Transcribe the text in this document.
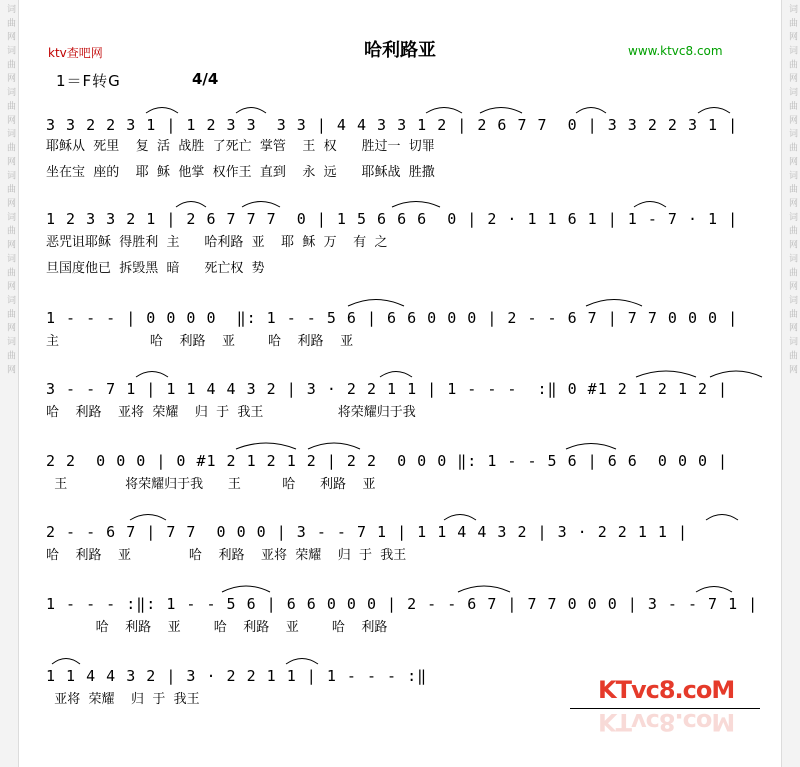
词 曲 网 词 曲 网 词 曲 网 词 曲 网 词 曲 网 词 曲 网 词 曲 网 词 曲 网 词 曲 网	词 曲 网 词 曲 网 词 曲 网 词 曲 网 词 曲 网 词 曲 网 词 曲 网 词 曲 网 词 曲 网
ktv查吧网	哈利路亚	www.ktvc8.com
1＝F转G	4/4
3 3 2 2 3 1 | 1 2 3 3  3 3 | 4 4 3 3 1 2 | 2 6 7 7  0 | 3 3 2 2 3 1 |
耶稣从  死里    复  活  战胜  了死亡  掌管    王  权      胜过一  切罪
坐在宝  座的    耶  稣  他掌  权作王  直到    永  远      耶稣战  胜撒
1 2 3 3 2 1 | 2 6 7 7 7  0 | 1 5 6 6 6  0 | 2 · 1 1 6 1 | 1 - 7 · 1 |
恶咒诅耶稣  得胜利  主      哈利路  亚    耶  稣  万    有  之
旦国度他已  拆毁黑  暗      死亡权  势
1 - - - | 0 0 0 0  ‖: 1 - - 5 6 | 6 6 0 0 0 | 2 - - 6 7 | 7 7 0 0 0 |
主                      哈    利路    亚        哈    利路    亚
3 - - 7 1 | 1 1 4 4 3 2 | 3 · 2 2 1 1 | 1 - - -  :‖ 0 #1 2 1 2 1 2 |
哈    利路    亚将  荣耀    归  于  我王                  将荣耀归于我
2 2  0 0 0 | 0 #1 2 1 2 1 2 | 2 2  0 0 0 ‖: 1 - - 5 6 | 6 6  0 0 0 |
王              将荣耀归于我      王          哈      利路    亚
2 - - 6 7 | 7 7  0 0 0 | 3 - - 7 1 | 1 1 4 4 3 2 | 3 · 2 2 1 1 |
哈    利路    亚              哈    利路    亚将  荣耀    归  于  我王
1 - - - :‖: 1 - - 5 6 | 6 6 0 0 0 | 2 - - 6 7 | 7 7 0 0 0 | 3 - - 7 1 |
哈    利路    亚        哈    利路    亚        哈    利路
1 1 4 4 3 2 | 3 · 2 2 1 1 | 1 - - - :‖
亚将  荣耀    归  于  我王	KTvc8.coM
KTvc8.coM
